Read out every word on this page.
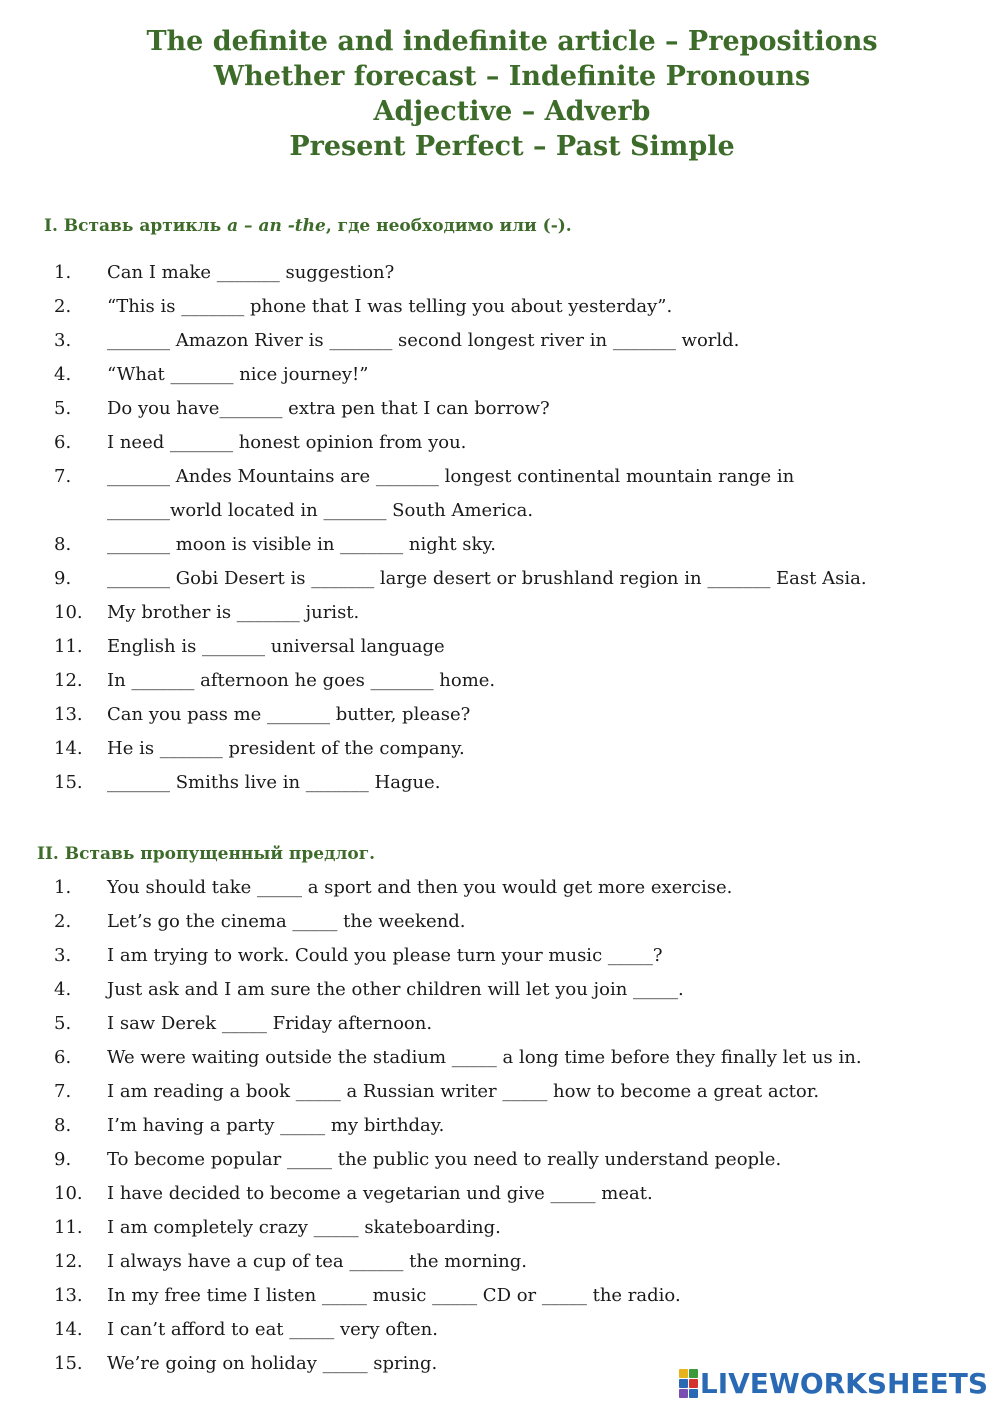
The definite and indefinite article – Prepositions
Whether forecast – Indefinite Pronouns
Adjective – Adverb
Present Perfect – Past Simple
I. Вставь артикль a – an -the, где необходимо или (-).
1.	Can I make _______ suggestion?
2.	“This is _______ phone that I was telling you about yesterday”.
3.	_______ Amazon River is _______ second longest river in _______ world.
4.	“What _______ nice journey!”
5.	Do you have_______ extra pen that I can borrow?
6.	I need _______ honest opinion from you.
7.	_______ Andes Mountains are _______ longest continental mountain range in
_______world located in _______ South America.
8.	_______ moon is visible in _______ night sky.
9.	_______ Gobi Desert is _______ large desert or brushland region in _______ East Asia.
10.	My brother is _______ jurist.
11.	English is _______ universal language
12.	In _______ afternoon he goes _______ home.
13.	Can you pass me _______ butter, please?
14.	He is _______ president of the company.
15.	_______ Smiths live in _______ Hague.
II. Вставь пропущенный предлог.
1.	You should take _____ a sport and then you would get more exercise.
2.	Let’s go the cinema _____ the weekend.
3.	I am trying to work. Could you please turn your music _____?
4.	Just ask and I am sure the other children will let you join _____.
5.	I saw Derek _____ Friday afternoon.
6.	We were waiting outside the stadium _____ a long time before they finally let us in.
7.	I am reading a book _____ a Russian writer _____ how to become a great actor.
8.	I’m having a party _____ my birthday.
9.	To become popular _____ the public you need to really understand people.
10.	I have decided to become a vegetarian und give _____ meat.
11.	I am completely crazy _____ skateboarding.
12.	I always have a cup of tea ______ the morning.
13.	In my free time I listen _____ music _____ CD or _____ the radio.
14.	I can’t afford to eat _____ very often.
15.	We’re going on holiday _____ spring.
LIVEWORKSHEETS
